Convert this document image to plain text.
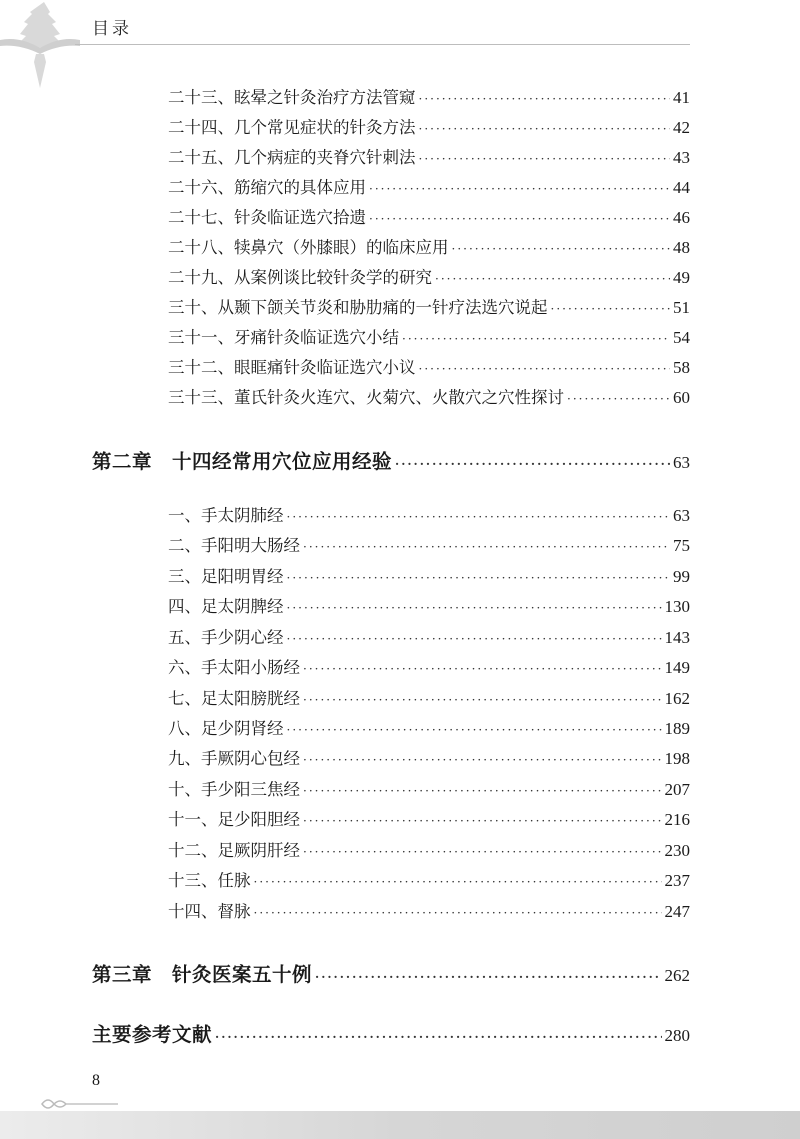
目录
二十三、眩晕之针灸治疗方法管窥 ·····	41
二十四、几个常见症状的针灸方法 ·····	42
二十五、几个病症的夹脊穴针刺法 ·····	43
二十六、筋缩穴的具体应用 ·····	44
二十七、针灸临证选穴拾遗 ·····	46
二十八、犊鼻穴（外膝眼）的临床应用 ·····	48
二十九、从案例谈比较针灸学的研究 ·····	49
三十、从颞下颌关节炎和胁肋痛的一针疗法选穴说起 ·····	51
三十一、牙痛针灸临证选穴小结 ·····	54
三十二、眼眶痛针灸临证选穴小议 ·····	58
三十三、董氏针灸火连穴、火菊穴、火散穴之穴性探讨 ·····	60
第二章　十四经常用穴位应用经验 ·····	63
一、手太阴肺经 ·····	63
二、手阳明大肠经 ·····	75
三、足阳明胃经 ·····	99
四、足太阴脾经 ·····	130
五、手少阴心经 ·····	143
六、手太阳小肠经 ·····	149
七、足太阳膀胱经 ·····	162
八、足少阴肾经 ·····	189
九、手厥阴心包经 ·····	198
十、手少阳三焦经 ·····	207
十一、足少阳胆经 ·····	216
十二、足厥阴肝经 ·····	230
十三、任脉 ·····	237
十四、督脉 ·····	247
第三章　针灸医案五十例 ·····	262
主要参考文献 ·····	280
8
